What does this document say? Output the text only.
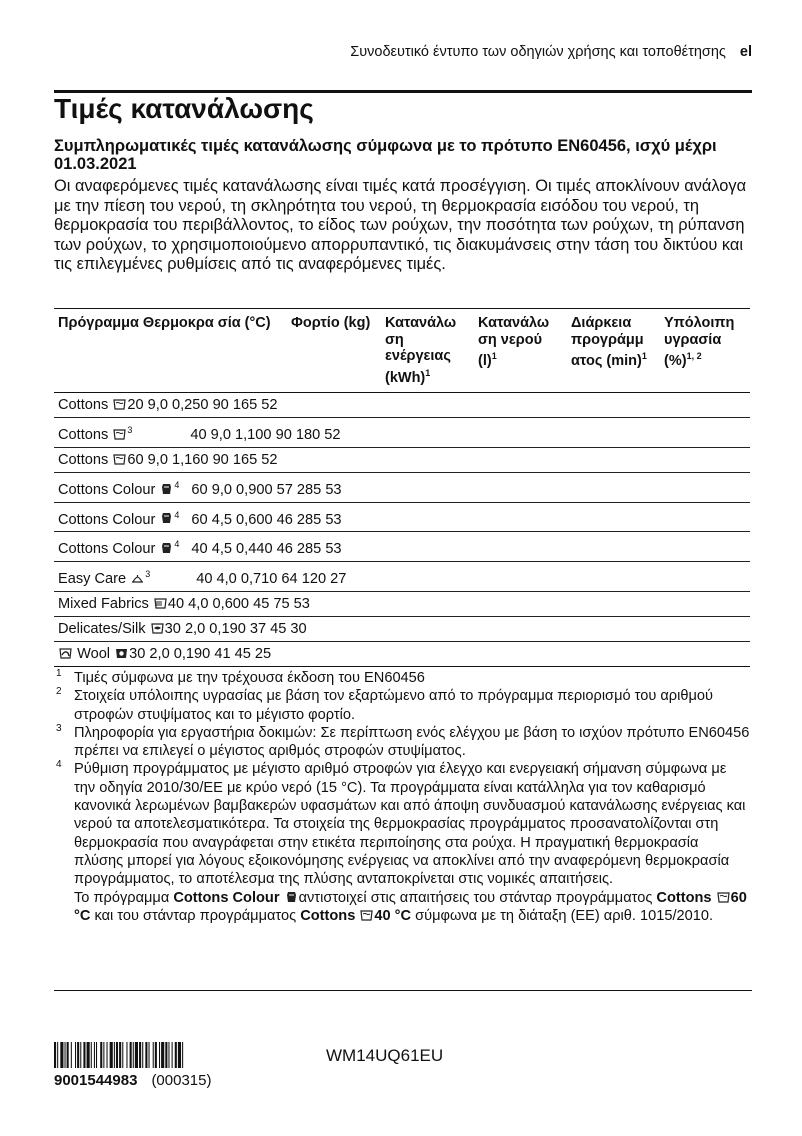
Συνοδευτικό έντυπο των οδηγιών χρήσης και τοποθέτησης el
Τιμές κατανάλωσης

Συμπληρωματικές τιμές κατανάλωσης σύμφωνα με το πρότυπο EN60456, ισχύ μέχρι 01.03.2021

Οι αναφερόμενες τιμές κατανάλωσης είναι τιμές κατά προσέγγιση. Οι τιμές αποκλίνουν ανάλογα με την πίεση του νερού, τη σκληρότητα του νερού, τη θερμοκρασία εισόδου του νερού, τη θερμοκρασία του περιβάλλοντος, το είδος των ρούχων, την ποσότητα των ρούχων, τη ρύπανση των ρούχων, το χρησιμοποιούμενο απορρυπαντικό, τις διακυμάνσεις στην τάση του δικτύου και τις επιλεγμένες ρυθμίσεις από τις αναφερόμενες τιμές.

Πρόγραμμα Θερμοκρα σία (°C)	Φορτίο (kg)	Κατανάλω ση ενέργειας (kWh)$^1$	Κατανάλω ση νερού $(l)^1$	Διάρκεια προγράμμ ατος $(\min)^1$	Υπόλοιπη υγρασία (%)$^{1, 2}$
Cottons 20 9,0 0,250 90 165 52
Cottons $^3$	40 9,0 1,100 90 180 52
Cottons 60 9,0 1,160 90 165 52
Cottons Colour $^4$ 60 9,0 0,900 57 285 53
Cottons Colour $^4$ 60 4,5 0,600 46 285 53
Cottons Colour $^4$ 40 4,5 0,440 46 285 53
Easy Care $^3$	40 4,0 0,710 64 120 27
Mixed Fabrics 40 4,0 0,600 45 75 53
Delicates/Silk 30 2,0 0,190 37 45 30

Wool 30 2,0 0,190 41 45 25
1 Τιμές σύμφωνα με την τρέχουσα έκδοση του EN60456
2 Στοιχεία υπόλοιπης υγρασίας με βάση τον εξαρτώμενο από το πρόγραμμα περιορισμό του αριθμού στροφών στυψίματος και το μέγιστο φορτίο.
3 Πληροφορία για εργαστήρια δοκιμών: Σε περίπτωση ενός ελέγχου με βάση το ισχύον πρότυπο EN60456 πρέπει να επιλεγεί ο μέγιστος αριθμός στροφών στυψίματος.
4 Ρύθμιση προγράμματος με μέγιστο αριθμό στροφών για έλεγχο και ενεργειακή σήμανση σύμφωνα με την οδηγία 2010/30/ΕΕ με κρύο νερό (15 °C). Τα προγράμματα είναι κατάλληλα για τον καθαρισμό κανονικά λερωμένων βαμβακερών υφασμάτων και από άποψη συνδυασμού κατανάλωσης ενέργειας και νερού τα αποτελεσματικότερα. Τα στοιχεία της θερμοκρασίας προγράμματος προσανατολίζονται στη θερμοκρασία που αναγράφεται στην ετικέτα περιποίησης στα ρούχα. Η πραγματική θερμοκρασία πλύσης μπορεί για λόγους εξοικονόμησης ενέργειας να αποκλίνει από την αναφερόμενη θερμοκρασία προγράμματος, το αποτέλεσμα της πλύσης ανταποκρίνεται στις νομικές απαιτήσεις.
Το πρόγραμμα Cottons Colour αντιστοιχεί στις απαιτήσεις του στάνταρ προγράμματος Cottons 60 °C και του στάνταρ προγράμματος Cottons 40 °C σύμφωνα με τη διάταξη (ΕΕ) αριθ. 1015/2010.
9001544983 (000315)
WM14UQ61EU
